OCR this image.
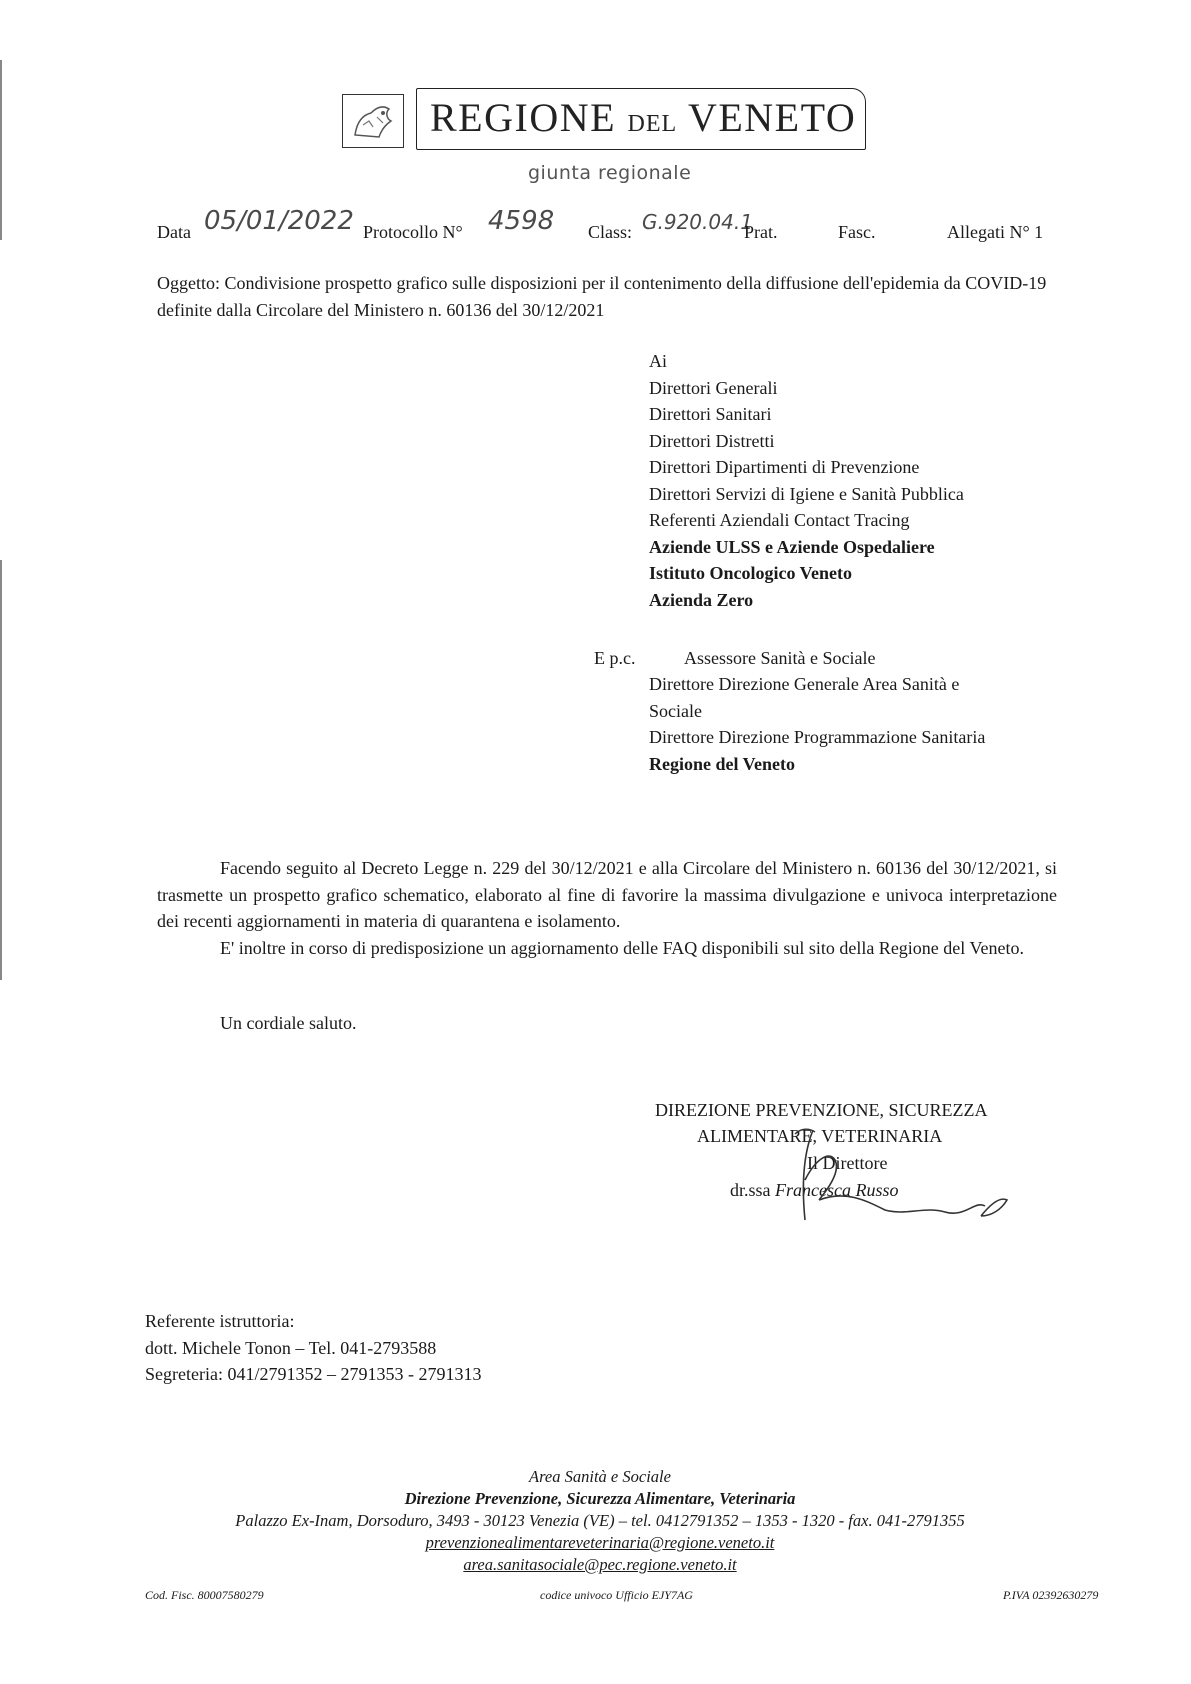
REGIONE DEL VENETO
giunta regionale
Data 05/01/2022 Protocollo N° 4598 Class: G.920.04.1
Prat.	Fasc.	Allegati N° 1
Oggetto: Condivisione prospetto grafico sulle disposizioni per il contenimento della diffusione dell'epidemia da COVID-19 definite dalla Circolare del Ministero n. 60136 del 30/12/2021
Ai
Direttori Generali
Direttori Sanitari
Direttori Distretti
Direttori Dipartimenti di Prevenzione
Direttori Servizi di Igiene e Sanità Pubblica
Referenti Aziendali Contact Tracing
Aziende ULSS e Aziende Ospedaliere
Istituto Oncologico Veneto
Azienda Zero
E p.c.	Assessore Sanità e Sociale
Direttore Direzione Generale Area Sanità e
Sociale
Direttore Direzione Programmazione Sanitaria
Regione del Veneto
Facendo seguito al Decreto Legge n. 229 del 30/12/2021 e alla Circolare del Ministero n. 60136 del 30/12/2021, si trasmette un prospetto grafico schematico, elaborato al fine di favorire la massima divulgazione e univoca interpretazione dei recenti aggiornamenti in materia di quarantena e isolamento.
E' inoltre in corso di predisposizione un aggiornamento delle FAQ disponibili sul sito della Regione del Veneto.
Un cordiale saluto.
DIREZIONE PREVENZIONE, SICUREZZA
ALIMENTARE, VETERINARIA
Il Direttore
dr.ssa Francesca Russo
Referente istruttoria:
dott. Michele Tonon – Tel. 041-2793588
Segreteria: 041/2791352 – 2791353 - 2791313
Area Sanità e Sociale
Direzione Prevenzione, Sicurezza Alimentare, Veterinaria
Palazzo Ex-Inam, Dorsoduro, 3493 - 30123 Venezia (VE) – tel. 0412791352 – 1353 - 1320 - fax. 041-2791355
prevenzionealimentareveterinaria@regione.veneto.it
area.sanitasociale@pec.regione.veneto.it
Cod. Fisc. 80007580279	codice univoco Ufficio EJY7AG	P.IVA 02392630279
